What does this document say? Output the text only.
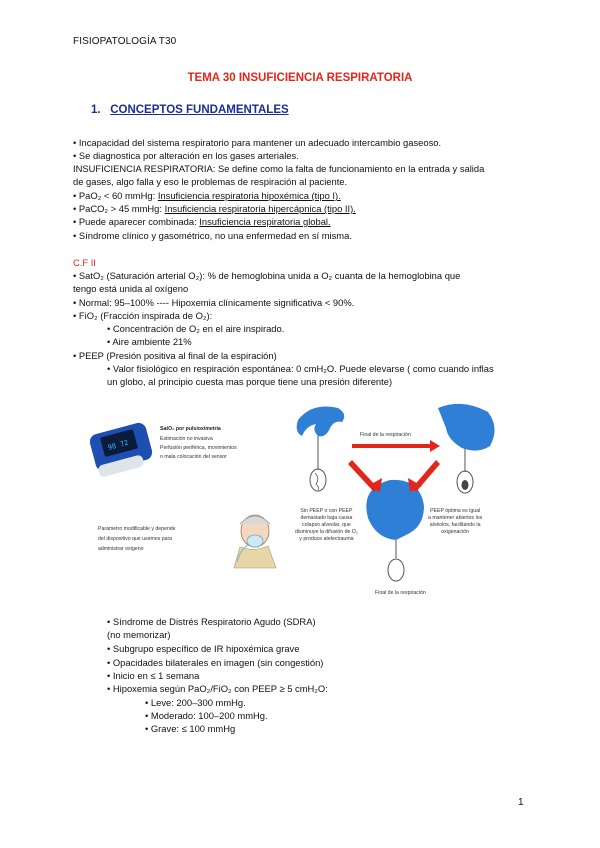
FISIOPATOLOGÍA T30
TEMA 30 INSUFICIENCIA RESPIRATORIA
1. CONCEPTOS FUNDAMENTALES
• Incapacidad del sistema respiratorio para mantener un adecuado intercambio gaseoso.
• Se diagnostica por alteración en los gases arteriales.
INSUFICIENCIA RESPIRATORIA: Se define como la falta de funcionamiento en la entrada y salida
de gases, algo falla y eso le problemas de respiración al paciente.
• PaO₂ < 60 mmHg: Insuficiencia respiratoria hipoxémica (tipo I).
• PaCO₂ > 45 mmHg: Insuficiencia respiratoria hipercápnica (tipo II).
• Puede aparecer combinada: Insuficiencia respiratoria global.
• Síndrome clínico y gasométrico, no una enfermedad en sí misma.
C.F II
• SatO₂ (Saturación arterial O₂): % de hemoglobina unida a O₂ cuanta de la hemoglobina que
tengo está unida al oxígeno
• Normal: 95–100% ---- Hipoxemia clínicamente significativa < 90%.
• FiO₂ (Fracción inspirada de O₂):
• Concentración de O₂ en el aire inspirado.
• Aire ambiente 21%
• PEEP (Presión positiva al final de la espiración)
• Valor fisiológico en respiración espontánea: 0 cmH₂O. Puede elevarse ( como cuando inflas
un globo, al principio cuesta mas porque tiene una presión diferente)
98 72
SatO₂ por pulsioximetría
Estimación no invasiva
Perfusión periférica, movimientos
o mala colocación del sensor
Parámetro modificable y depende
del dispositivo que usemos para
administrar oxígeno
Final de la respiración
Sin PEEP o con PEEP
demasiado baja causa
colapso alveolar, que
disminuye la difusión de O₂
y produce atelectrauma
PEEP óptima es igual
a mantener abiertos los
alvéolos, facilitando la
oxigenación
Final de la respiración
• Síndrome de Distrés Respiratorio Agudo (SDRA)
(no memorizar)
• Subgrupo específico de IR hipoxémica grave
• Opacidades bilaterales en imagen (sin congestión)
• Inicio en ≤ 1 semana
• Hipoxemia según PaO₂/FiO₂ con PEEP ≥ 5 cmH₂O:
• Leve: 200–300 mmHg.
• Moderado: 100–200 mmHg.
• Grave: ≤ 100 mmHg
1
